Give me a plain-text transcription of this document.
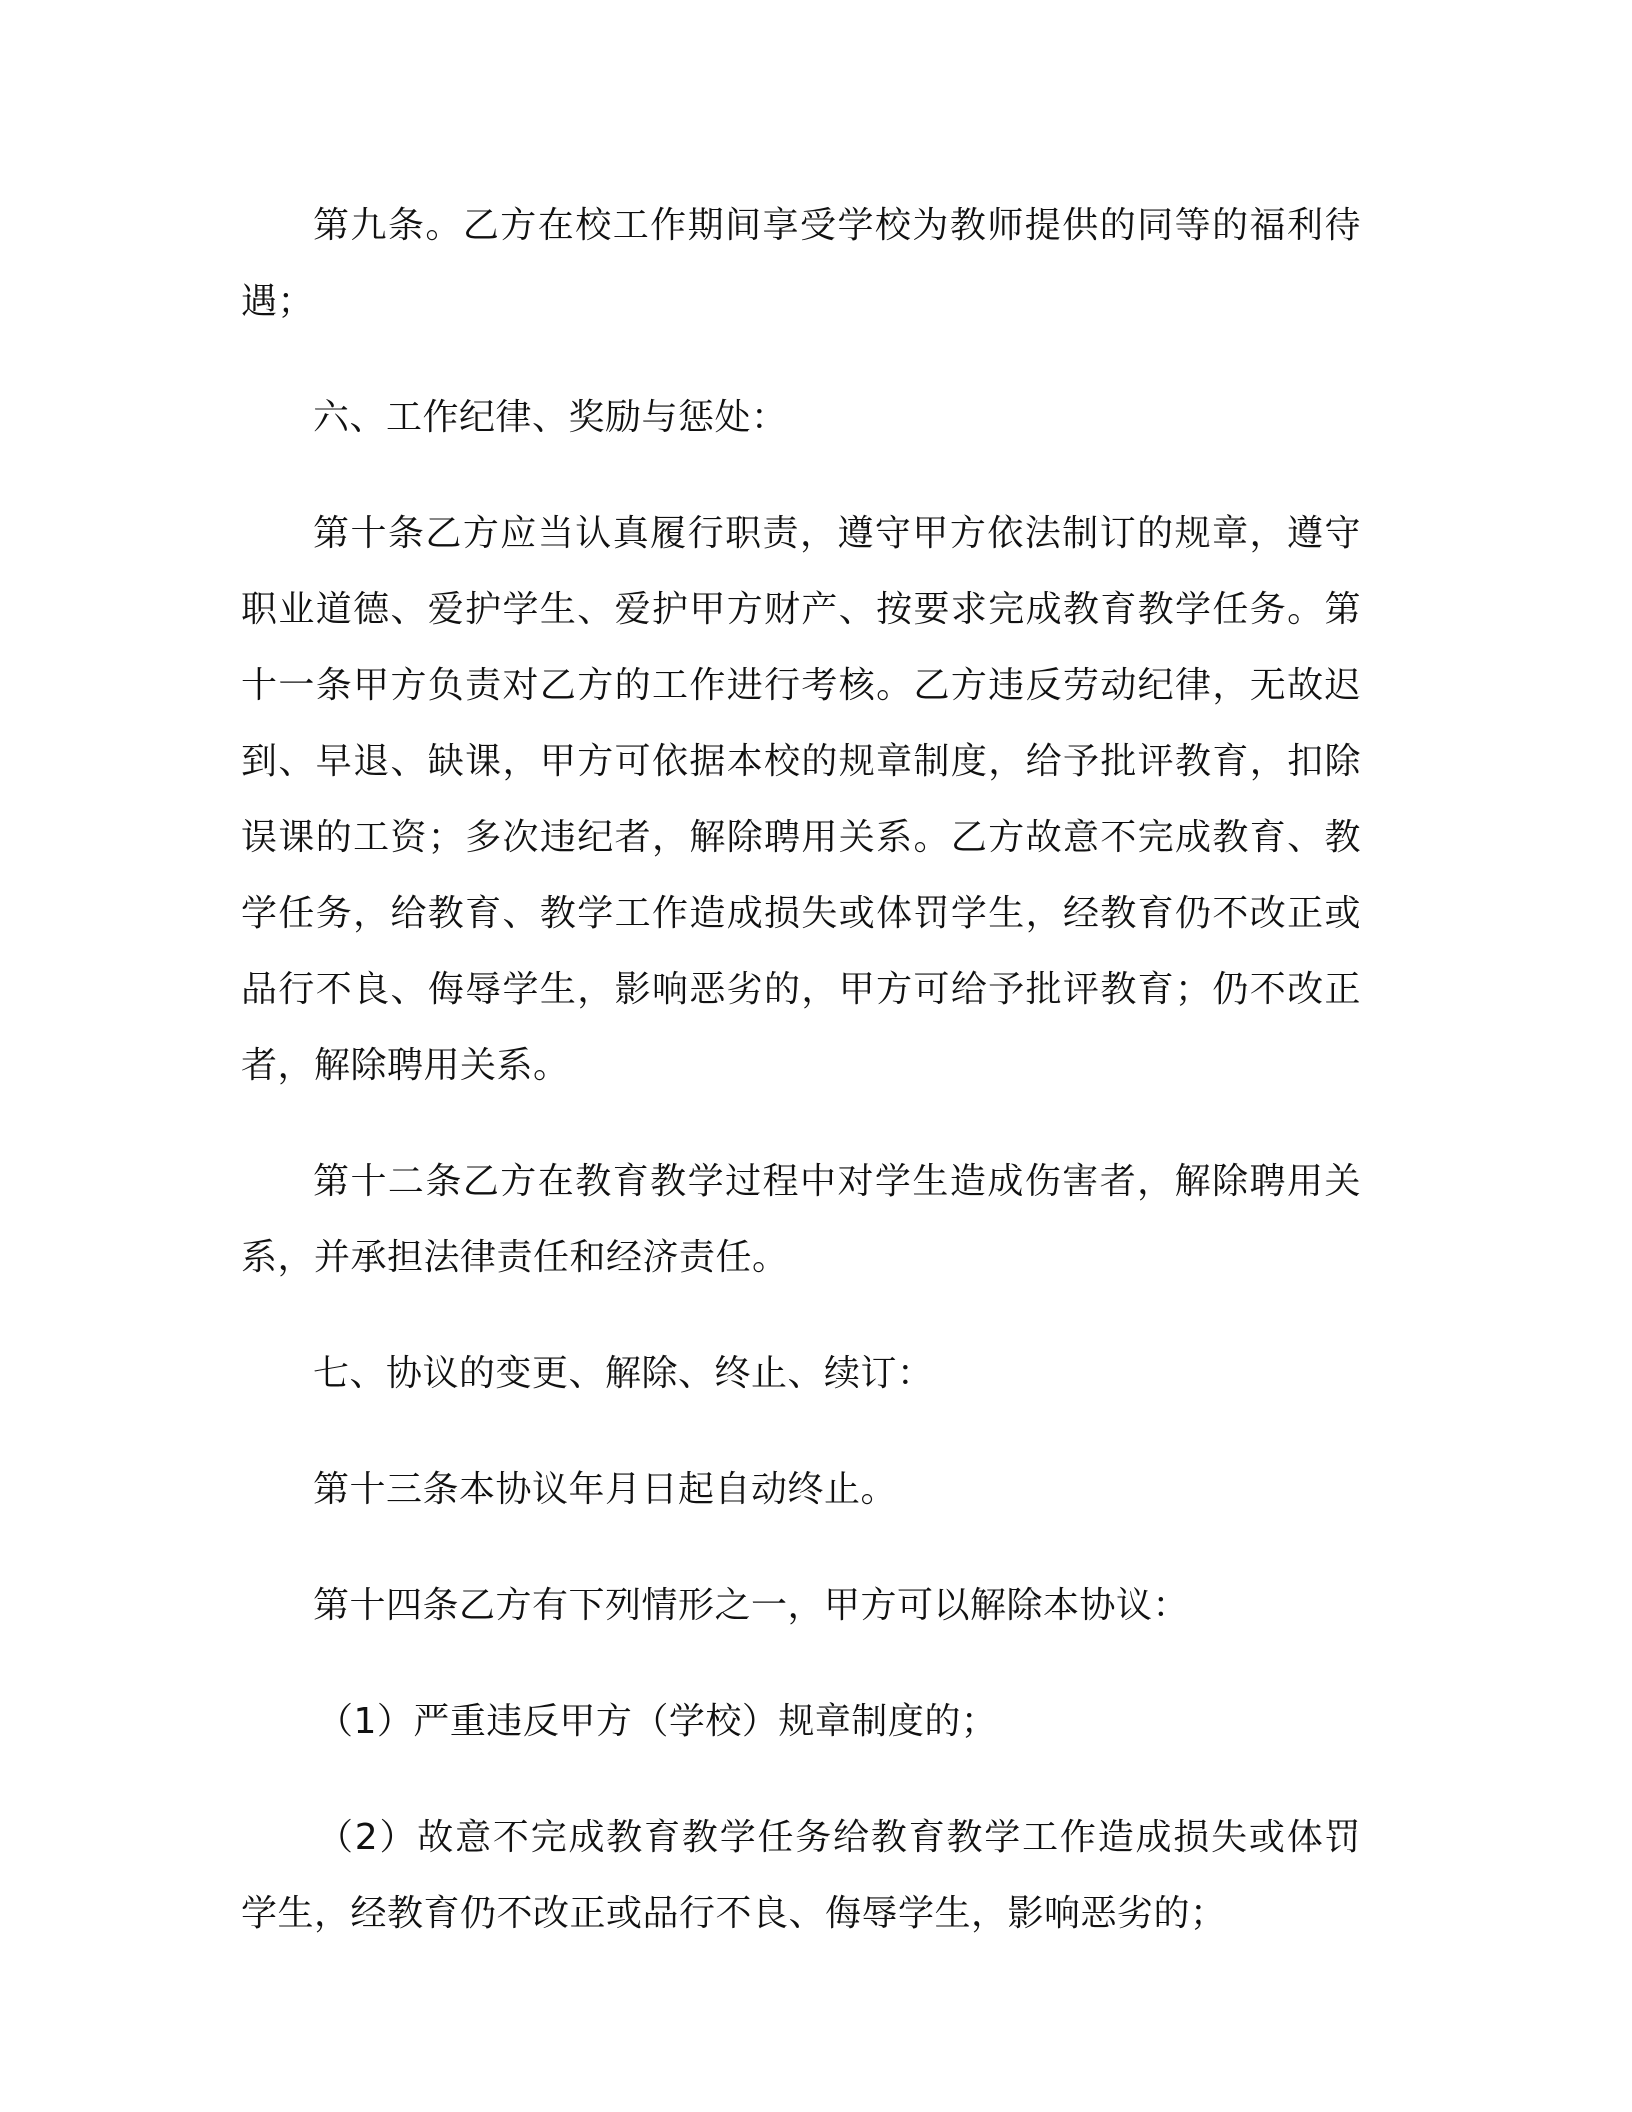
第九条。乙方在校工作期间享受学校为教师提供的同等的福利待遇；

六、工作纪律、奖励与惩处：

第十条乙方应当认真履行职责，遵守甲方依法制订的规章，遵守职业道德、爱护学生、爱护甲方财产、按要求完成教育教学任务。第十一条甲方负责对乙方的工作进行考核。乙方违反劳动纪律，无故迟到、早退、缺课，甲方可依据本校的规章制度，给予批评教育，扣除误课的工资；多次违纪者，解除聘用关系。乙方故意不完成教育、教学任务，给教育、教学工作造成损失或体罚学生，经教育仍不改正或品行不良、侮辱学生，影响恶劣的，甲方可给予批评教育；仍不改正者，解除聘用关系。

第十二条乙方在教育教学过程中对学生造成伤害者，解除聘用关系，并承担法律责任和经济责任。

七、协议的变更、解除、终止、续订：

第十三条本协议年月日起自动终止。

第十四条乙方有下列情形之一，甲方可以解除本协议：

（1）严重违反甲方（学校）规章制度的；

（2）故意不完成教育教学任务给教育教学工作造成损失或体罚学生，经教育仍不改正或品行不良、侮辱学生，影响恶劣的；
